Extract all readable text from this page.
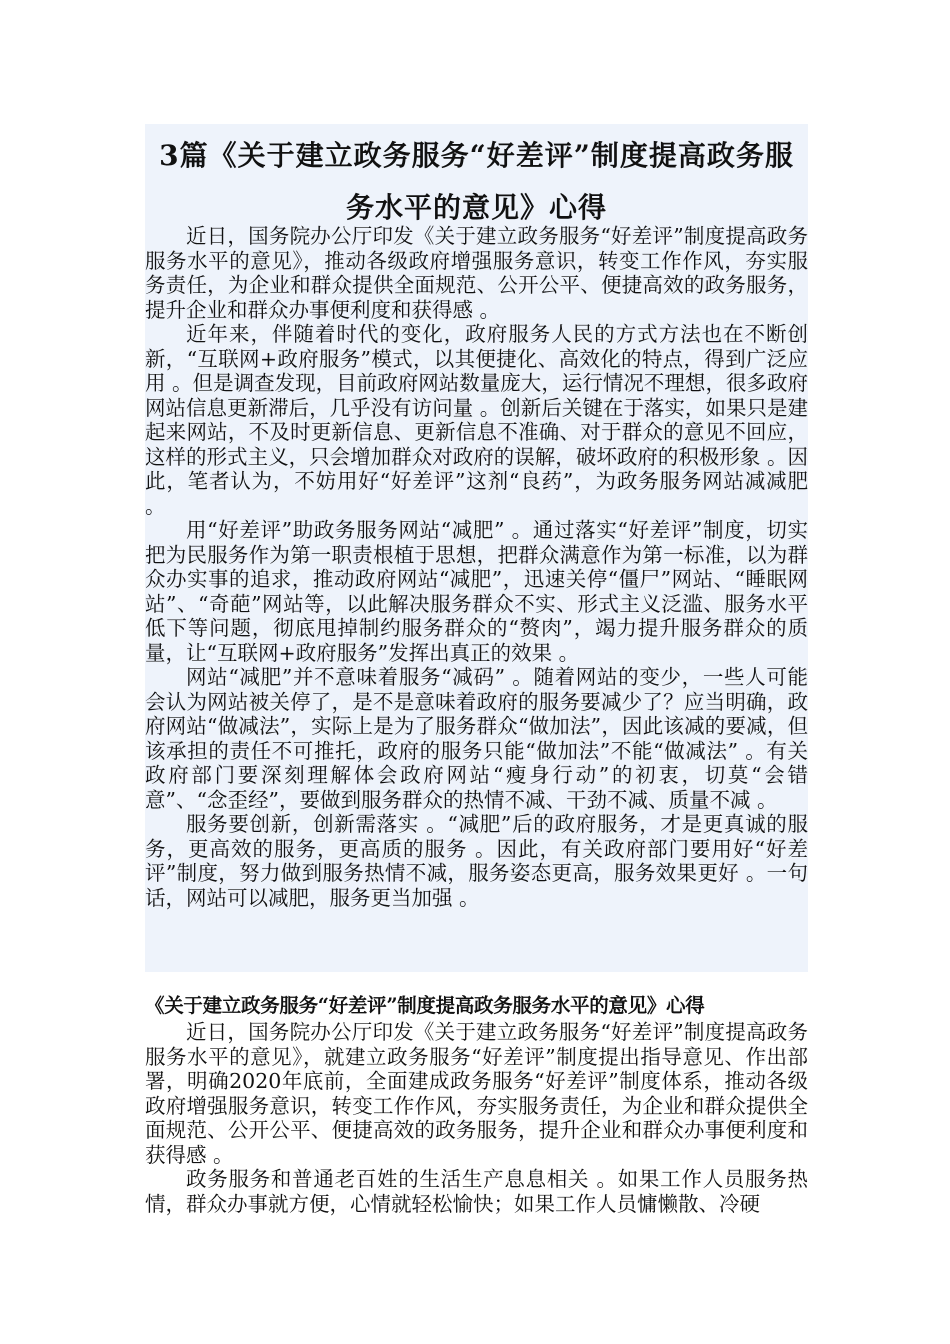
3篇《关于建立政务服务“好差评”制度提高政务服务水平的意见》心得

近日，国务院办公厅印发《关于建立政务服务“好差评”制度提高政务服务水平的意见》，推动各级政府增强服务意识，转变工作作风，夯实服务责任，为企业和群众提供全面规范、公开公平、便捷高效的政务服务，提升企业和群众办事便利度和获得感 。

近年来，伴随着时代的变化，政府服务人民的方式方法也在不断创新，“互联网+政府服务”模式，以其便捷化、高效化的特点，得到广泛应用 。但是调查发现，目前政府网站数量庞大，运行情况不理想，很多政府网站信息更新滞后，几乎没有访问量 。创新后关键在于落实，如果只是建起来网站，不及时更新信息、更新信息不准确、对于群众的意见不回应，这样的形式主义，只会增加群众对政府的误解，破坏政府的积极形象 。因此，笔者认为，不妨用好“好差评”这剂“良药”，为政务服务网站减减肥 。

用“好差评”助政务服务网站“减肥” 。通过落实“好差评”制度，切实把为民服务作为第一职责根植于思想，把群众满意作为第一标准，以为群众办实事的追求，推动政府网站“减肥”，迅速关停“僵尸”网站、“睡眠网站”、“奇葩”网站等，以此解决服务群众不实、形式主义泛滥、服务水平低下等问题，彻底甩掉制约服务群众的“赘肉”，竭力提升服务群众的质量，让“互联网+政府服务”发挥出真正的效果 。

网站“减肥”并不意味着服务“减码” 。随着网站的变少，一些人可能会认为网站被关停了，是不是意味着政府的服务要减少了？应当明确，政府网站“做减法”，实际上是为了服务群众“做加法”，因此该减的要减，但该承担的责任不可推托，政府的服务只能“做加法”不能“做减法” 。有关政府部门要深刻理解体会政府网站“瘦身行动”的初衷，切莫“会错意”、“念歪经”，要做到服务群众的热情不减、干劲不减、质量不减 。

服务要创新，创新需落实 。“减肥”后的政府服务，才是更真诚的服务，更高效的服务，更高质的服务 。因此，有关政府部门要用好“好差评”制度，努力做到服务热情不减，服务姿态更高，服务效果更好 。一句话，网站可以减肥，服务更当加强 。

《关于建立政务服务“好差评”制度提高政务服务水平的意见》心得

近日，国务院办公厅印发《关于建立政务服务“好差评”制度提高政务服务水平的意见》，就建立政务服务“好差评”制度提出指导意见、作出部署，明确2020年底前，全面建成政务服务“好差评”制度体系，推动各级政府增强服务意识，转变工作作风，夯实服务责任，为企业和群众提供全面规范、公开公平、便捷高效的政务服务，提升企业和群众办事便利度和获得感 。

政务服务和普通老百姓的生活生产息息相关 。如果工作人员服务热情，群众办事就方便，心情就轻松愉快；如果工作人员慵懒散、冷硬
